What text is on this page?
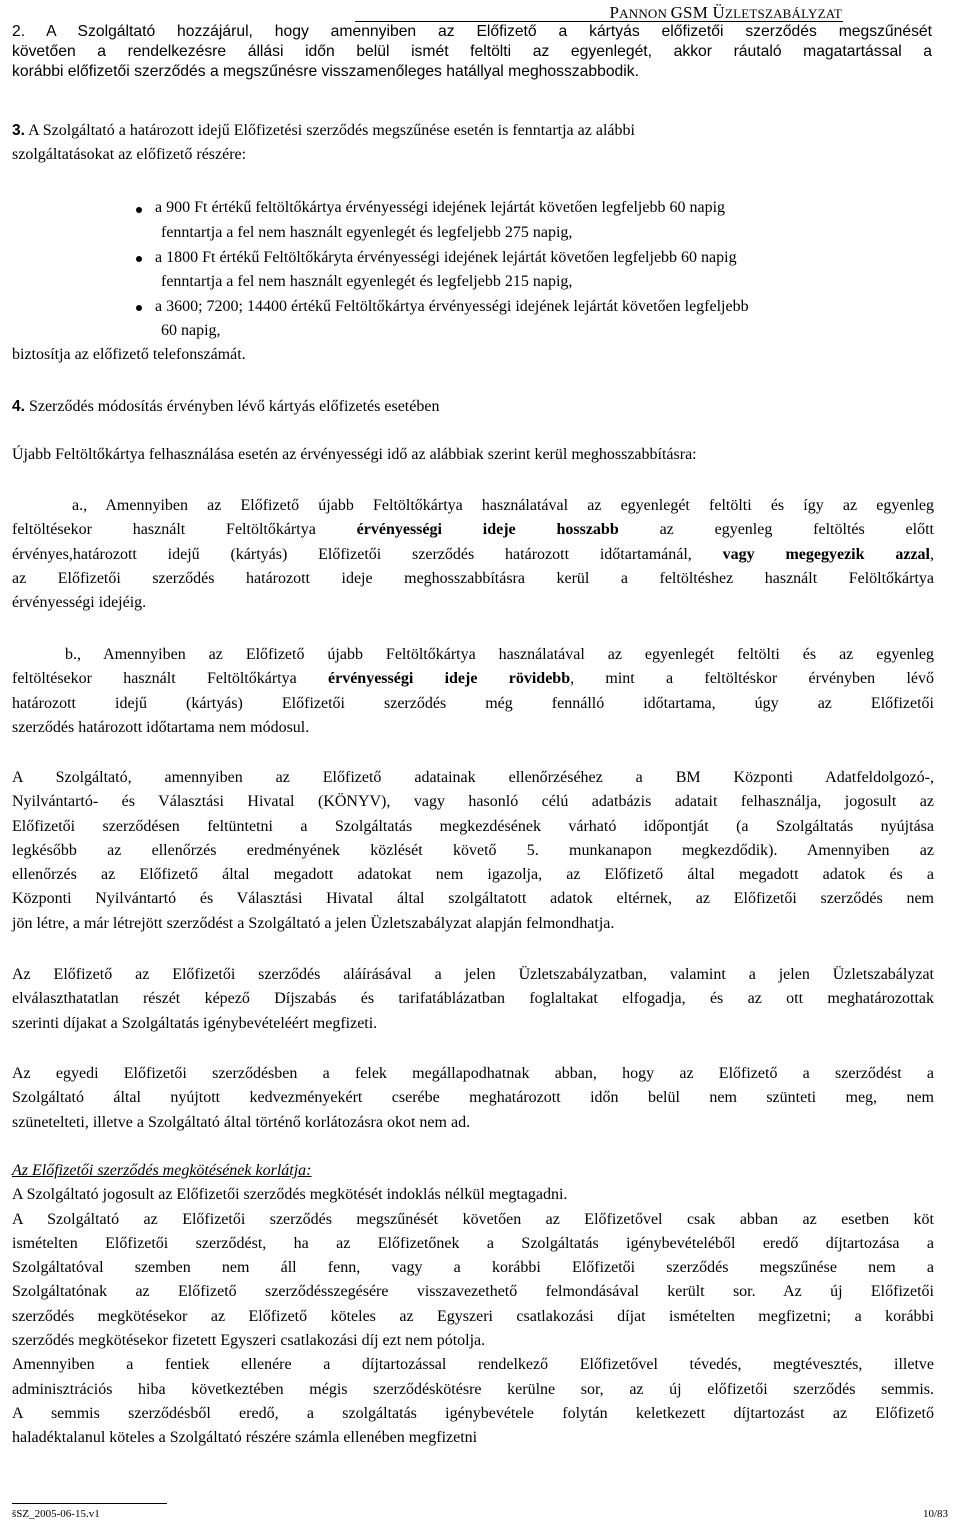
PANNON GSM ÜZLETSZABÁLYZAT
2. A Szolgáltató hozzájárul, hogy amennyiben az Előfizető a kártyás előfizetői szerződés megszűnését
követően a rendelkezésre állási időn belül ismét feltölti az egyenlegét, akkor ráutaló magatartással a
korábbi előfizetői szerződés a megszűnésre visszamenőleges hatállyal meghosszabbodik.
3. A Szolgáltató a határozott idejű Előfizetési szerződés megszűnése esetén is fenntartja az alábbi
szolgáltatásokat az előfizető részére:
a 900 Ft értékű feltöltőkártya érvényességi idejének lejártát követően legfeljebb 60 napig
fenntartja a fel nem használt egyenlegét és legfeljebb 275 napig,
a 1800 Ft értékű Feltöltőkáryta érvényességi idejének lejártát követően legfeljebb 60 napig
fenntartja a fel nem használt egyenlegét és legfeljebb 215 napig,
a 3600; 7200; 14400 értékű Feltöltőkártya érvényességi idejének lejártát követően legfeljebb
60 napig,
biztosítja az előfizető telefonszámát.
4. Szerződés módosítás érvényben lévő kártyás előfizetés esetében
Újabb Feltöltőkártya felhasználása esetén az érvényességi idő az alábbiak szerint kerül meghosszabbításra:
a., Amennyiben az Előfizető újabb Feltöltőkártya használatával az egyenlegét feltölti és így az egyenleg
feltöltésekor használt Feltöltőkártya érvényességi ideje hosszabb az egyenleg feltöltés előtt
érvényes,határozott idejű (kártyás) Előfizetői szerződés határozott időtartamánál, vagy megegyezik azzal,
az Előfizetői szerződés határozott ideje meghosszabbításra kerül a feltöltéshez használt Felöltőkártya
érvényességi idejéig.
b., Amennyiben az Előfizető újabb Feltöltőkártya használatával az egyenlegét feltölti és az egyenleg
feltöltésekor használt Feltöltőkártya érvényességi ideje rövidebb, mint a feltöltéskor érvényben lévő
határozott idejű (kártyás) Előfizetői szerződés még fennálló időtartama, úgy az Előfizetői
szerződés határozott időtartama nem módosul.
A Szolgáltató, amennyiben az Előfizető adatainak ellenőrzéséhez a BM Központi Adatfeldolgozó-,
Nyilvántartó- és Választási Hivatal (KÖNYV), vagy hasonló célú adatbázis adatait felhasználja, jogosult az
Előfizetői szerződésen feltüntetni a Szolgáltatás megkezdésének várható időpontját (a Szolgáltatás nyújtása
legkésőbb az ellenőrzés eredményének közlését követő 5. munkanapon megkezdődik). Amennyiben az
ellenőrzés az Előfizető által megadott adatokat nem igazolja, az Előfizető által megadott adatok és a
Központi Nyilvántartó és Választási Hivatal által szolgáltatott adatok eltérnek, az Előfizetői szerződés nem
jön létre, a már létrejött szerződést a Szolgáltató a jelen Üzletszabályzat alapján felmondhatja.
Az Előfizető az Előfizetői szerződés aláírásával a jelen Üzletszabályzatban, valamint a jelen Üzletszabályzat
elválaszthatatlan részét képező Díjszabás és tarifatáblázatban foglaltakat elfogadja, és az ott meghatározottak
szerinti díjakat a Szolgáltatás igénybevételéért megfizeti.
Az egyedi Előfizetői szerződésben a felek megállapodhatnak abban, hogy az Előfizető a szerződést a
Szolgáltató által nyújtott kedvezményekért cserébe meghatározott időn belül nem szünteti meg, nem
szünetelteti, illetve a Szolgáltató által történő korlátozásra okot nem ad.
Az Előfizetői szerződés megkötésének korlátja:
A Szolgáltató jogosult az Előfizetői szerződés megkötését indoklás nélkül megtagadni.
A Szolgáltató az Előfizetői szerződés megszűnését követően az Előfizetővel csak abban az esetben köt
ismételten Előfizetői szerződést, ha az Előfizetőnek a Szolgáltatás igénybevételéből eredő díjtartozása a
Szolgáltatóval szemben nem áll fenn, vagy a korábbi Előfizetői szerződés megszűnése nem a
Szolgáltatónak az Előfizető szerződésszegésére visszavezethető felmondásával került sor. Az új Előfizetői
szerződés megkötésekor az Előfizető köteles az Egyszeri csatlakozási díjat ismételten megfizetni; a korábbi
szerződés megkötésekor fizetett Egyszeri csatlakozási díj ezt nem pótolja.
Amennyiben a fentiek ellenére a díjtartozással rendelkező Előfizetővel tévedés, megtévesztés, illetve
adminisztrációs hiba következtében mégis szerződéskötésre kerülne sor, az új előfizetői szerződés semmis.
A semmis szerződésből eredő, a szolgáltatás igénybevétele folytán keletkezett díjtartozást az Előfizető
haladéktalanul köteles a Szolgáltató részére számla ellenében megfizetni
šSZ_2005-06-15.v1	10/83
